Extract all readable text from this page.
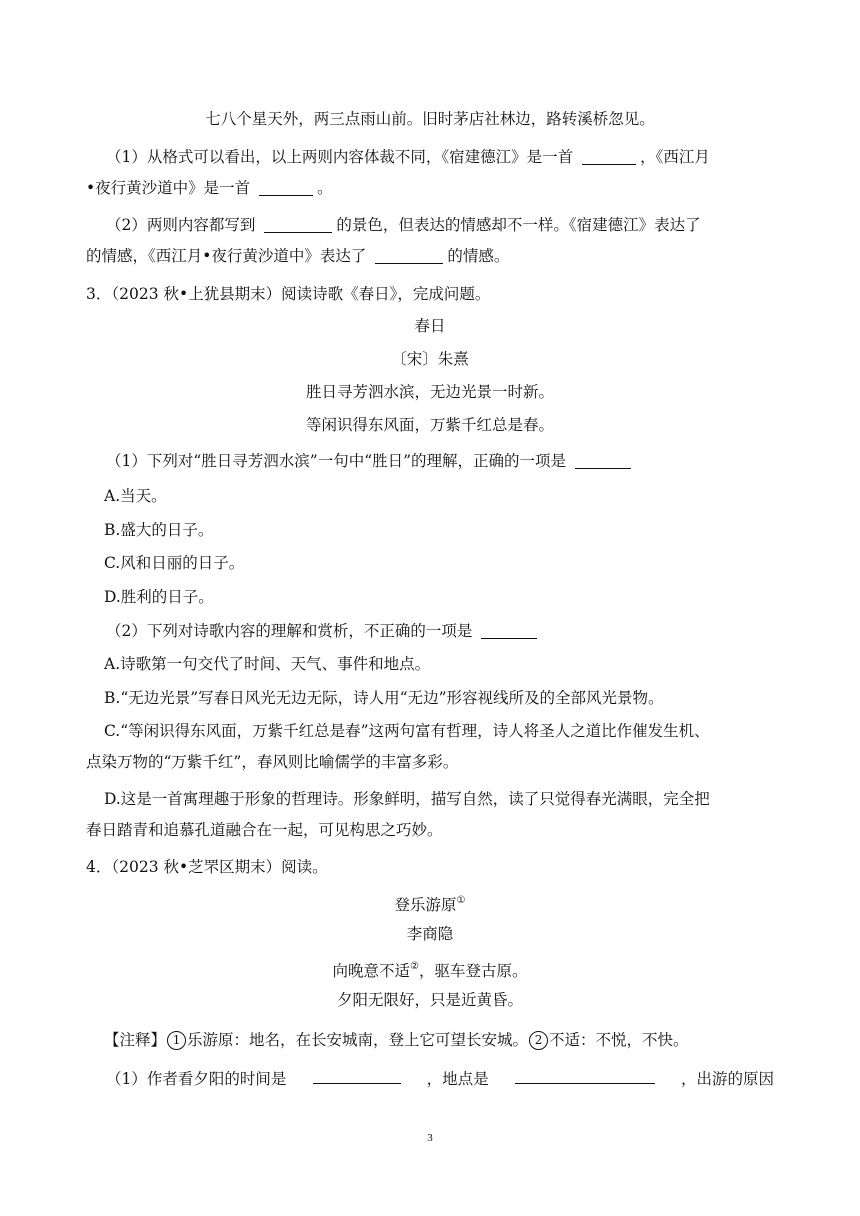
七八个星天外，两三点雨山前。旧时茅店社林边，路转溪桥忽见。
（1）从格式可以看出，以上两则内容体裁不同，《宿建德江》是一首	，《西江月
•夜行黄沙道中》是一首	。
（2）两则内容都写到	的景色，但表达的情感却不一样。《宿建德江》表达了
的情感，《西江月•夜行黄沙道中》表达了	的情感。
3．（2023 秋•上犹县期末）阅读诗歌《春日》，完成问题。
春日
〔宋〕朱熹
胜日寻芳泗水滨，无边光景一时新。
等闲识得东风面，万紫千红总是春。
（1）下列对“胜日寻芳泗水滨”一句中“胜日”的理解，正确的一项是
A.当天。
B.盛大的日子。
C.风和日丽的日子。
D.胜利的日子。
（2）下列对诗歌内容的理解和赏析，不正确的一项是
A.诗歌第一句交代了时间、天气、事件和地点。
B.“无边光景”写春日风光无边无际，诗人用“无边”形容视线所及的全部风光景物。
C.“等闲识得东风面，万紫千红总是春”这两句富有哲理，诗人将圣人之道比作催发生机、
点染万物的“万紫千红”，春风则比喻儒学的丰富多彩。
D.这是一首寓理趣于形象的哲理诗。形象鲜明，描写自然，读了只觉得春光满眼，完全把
春日踏青和追慕孔道融合在一起，可见构思之巧妙。
4．（2023 秋•芝罘区期末）阅读。
登乐游原①
李商隐
向晚意不适②，驱车登古原。
夕阳无限好，只是近黄昏。
【注释】 1 乐游原：地名，在长安城南，登上它可望长安城。 2 不适：不悦，不快。
（1）作者看夕阳的时间是	，地点是	，出游的原因
3
